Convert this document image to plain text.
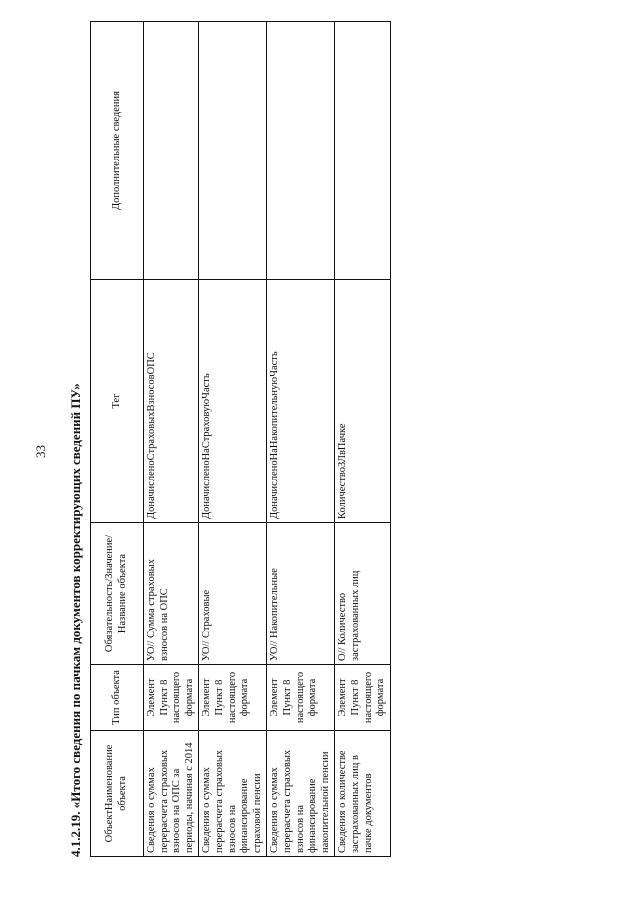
33 4.1.2.19. «Итого сведения по пачкам документов корректирующих сведений ПУ» ОбъектНаименование объекта	Тип объекта	Обязательность/Значение/Название объекта	Тег	Дополнительные сведения
Сведения о суммах перерасчета страховых взносов на ОПС за периоды, начиная с 2014	Элемент Пункт 8 настоящего формата	УО// Сумма страховых взносов на ОПС	ДоначисленоСтраховыхВзносовОПС	
Сведения о суммах перерасчета страховых взносов на финансирование страховой пенсии	Элемент Пункт 8 настоящего формата	УО// Страховые	ДоначисленоНаСтраховуюЧасть	
Сведения о суммах перерасчета страховых взносов на финансирование накопительной пенсии	Элемент Пункт 8 настоящего формата	УО// Накопительные	ДоначисленоНаНакопительнуюЧасть	
Сведения о количестве застрахованных лиц в пачке документов	Элемент Пункт 8 настоящего формата	О// Количество застрахованных лиц	КоличествоЗЛвПачке	
